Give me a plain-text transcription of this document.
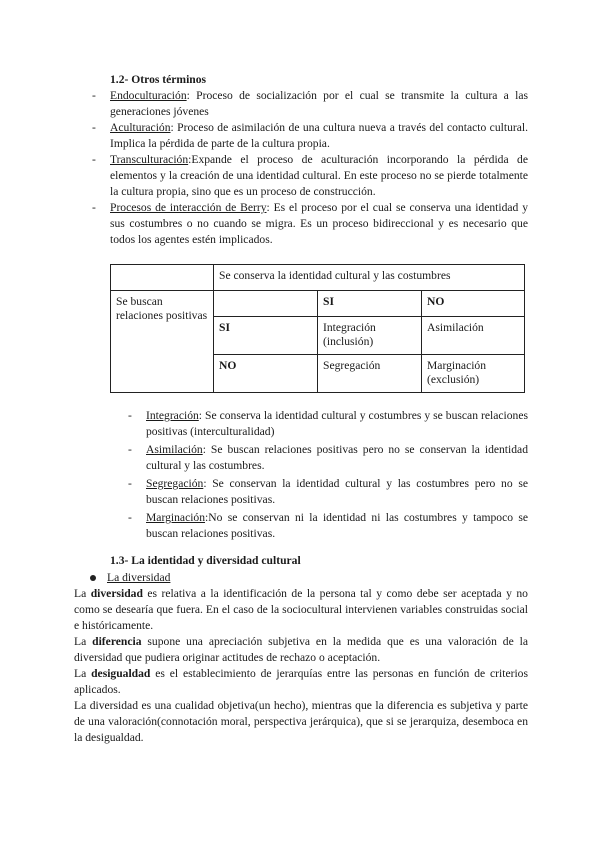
1.2- Otros términos
- Endoculturación: Proceso de socialización por el cual se transmite la cultura a las generaciones jóvenes
- Aculturación: Proceso de asimilación de una cultura nueva a través del contacto cultural. Implica la pérdida de parte de la cultura propia.
- Transculturación:Expande el proceso de aculturación incorporando la pérdida de elementos y la creación de una identidad cultural. En este proceso no se pierde totalmente la cultura propia, sino que es un proceso de construcción.
- Procesos de interacción de Berry: Es el proceso por el cual se conserva una identidad y sus costumbres o no cuando se migra. Es un proceso bidireccional y es necesario que todos los agentes estén implicados.
	Se conserva la identidad cultural y las costumbres		
Se buscan relaciones positivas		SI	NO
	SI	Integración (inclusión)	Asimilación
	NO	Segregación	Marginación (exclusión)
- Integración: Se conserva la identidad cultural y costumbres y se buscan relaciones positivas (interculturalidad)
- Asimilación: Se buscan relaciones positivas pero no se conservan la identidad cultural y las costumbres.
- Segregación: Se conservan la identidad cultural y las costumbres pero no se buscan relaciones positivas.
- Marginación:No se conservan ni la identidad ni las costumbres y tampoco se buscan relaciones positivas.
1.3- La identidad y diversidad cultural
La diversidad

La diversidad es relativa a la identificación de la persona tal y como debe ser aceptada y no como se desearía que fuera. En el caso de la sociocultural intervienen variables construidas social e históricamente.

La diferencia supone una apreciación subjetiva en la medida que es una valoración de la diversidad que pudiera originar actitudes de rechazo o aceptación.

La desigualdad es el establecimiento de jerarquías entre las personas en función de criterios aplicados.

La diversidad es una cualidad objetiva(un hecho), mientras que la diferencia es subjetiva y parte de una valoración(connotación moral, perspectiva jerárquica), que si se jerarquiza, desemboca en la desigualdad.
